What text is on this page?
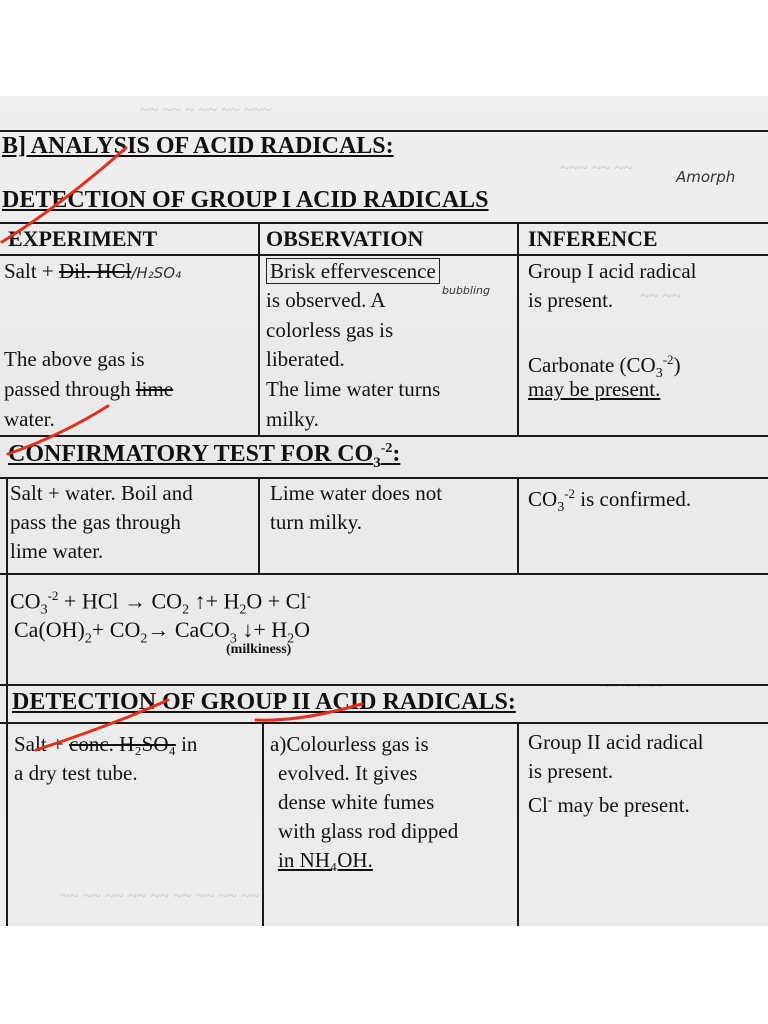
~~ ~~ ~ ~~ ~~ ~~~
~~~ ~~ ~~
~~ ~~
~~ ~~ ~~ ~~ ~~ ~~ ~~ ~~ ~~
B] ANALYSIS OF ACID RADICALS:
Amorph
DETECTION OF GROUP I ACID RADICALS
EXPERIMENT	OBSERVATION	INFERENCE
Salt + Dil. HCl/H₂SO₄
The above gas is
passed through lime
water.
Brisk effervescence
bubbling
is observed. A
colorless gas is
liberated.
The lime water turns
milky.
Group I acid radical
is present.
Carbonate $(CO_3^{-2})$
may be present.
CONFIRMATORY TEST FOR $CO_3^{-2}$:
Salt + water. Boil and
pass the gas through
lime water.
Lime water does not
turn milky.
$CO_3^{-2}$ is confirmed.
$CO_3^{-2}$ + HCl → $CO_2$ ↑+ $H_2O + Cl^-$
$Ca(OH)_2+ CO_2\to$ CaCO$_3$ ↓+ $H_2O$
(milkiness)
DETECTION OF GROUP II ACID RADICALS:
Salt + conc. H₂SO₄ in
a dry test tube.
a)Colourless gas is
evolved. It gives
dense white fumes
with glass rod dipped
in NH₄OH.
Group II acid radical
is present.
Cl- may be present.
